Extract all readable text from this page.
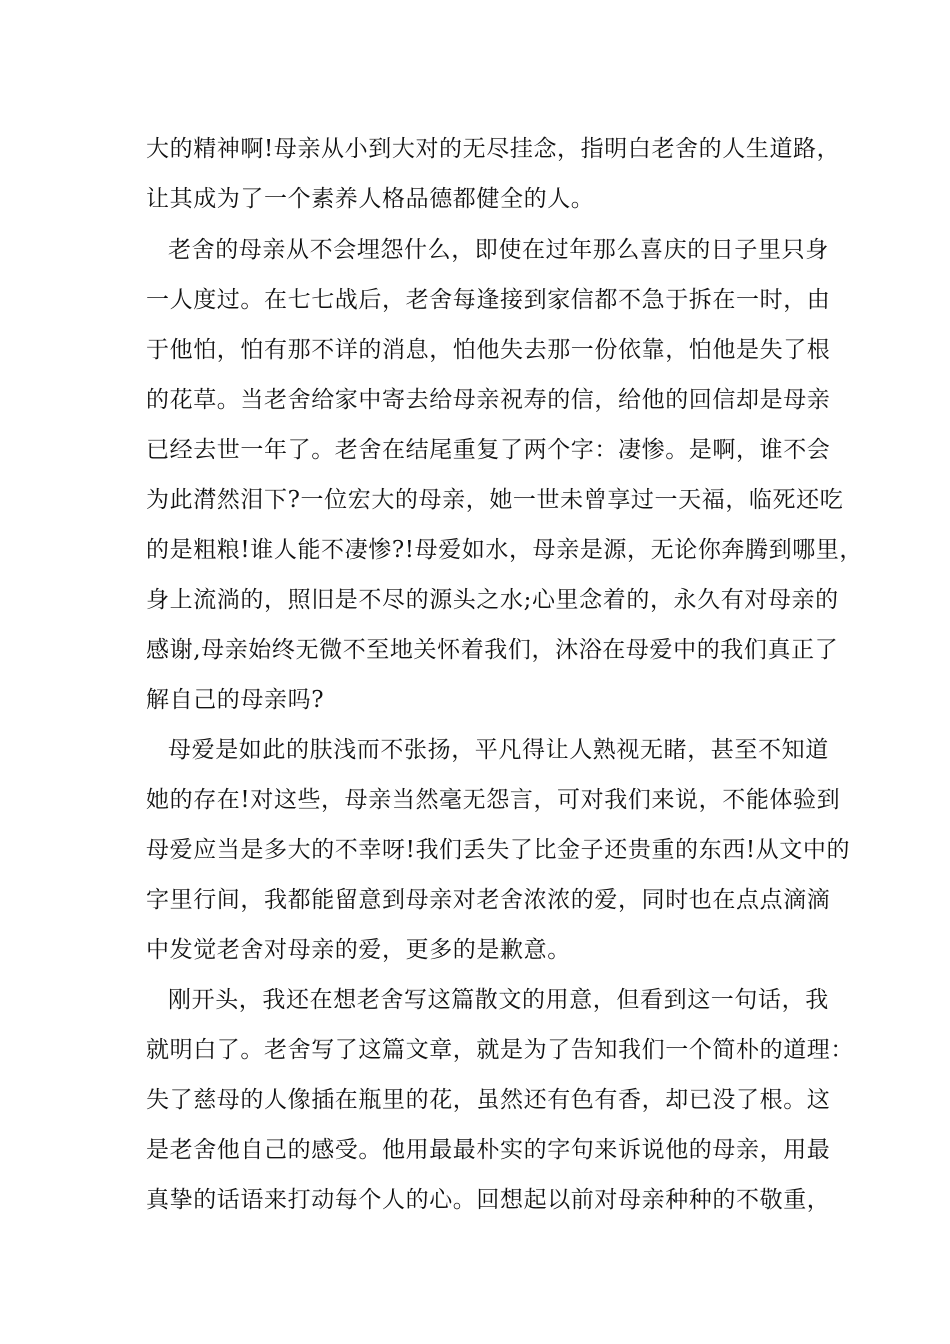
大的精神啊!母亲从小到大对的无尽挂念，指明白老舍的人生道路，
让其成为了一个素养人格品德都健全的人。
老舍的母亲从不会埋怨什么，即使在过年那么喜庆的日子里只身
一人度过。在七七战后，老舍每逢接到家信都不急于拆在一时，由
于他怕，怕有那不详的消息，怕他失去那一份依靠，怕他是失了根
的花草。当老舍给家中寄去给母亲祝寿的信，给他的回信却是母亲
已经去世一年了。老舍在结尾重复了两个字：凄惨。是啊，谁不会
为此潸然泪下?一位宏大的母亲，她一世未曾享过一天福，临死还吃
的是粗粮!谁人能不凄惨?!母爱如水，母亲是源，无论你奔腾到哪里，
身上流淌的，照旧是不尽的源头之水;心里念着的，永久有对母亲的
感谢,母亲始终无微不至地关怀着我们，沐浴在母爱中的我们真正了
解自己的母亲吗?
母爱是如此的肤浅而不张扬，平凡得让人熟视无睹，甚至不知道
她的存在!对这些，母亲当然毫无怨言，可对我们来说，不能体验到
母爱应当是多大的不幸呀!我们丢失了比金子还贵重的东西!从文中的
字里行间，我都能留意到母亲对老舍浓浓的爱，同时也在点点滴滴
中发觉老舍对母亲的爱，更多的是歉意。
刚开头，我还在想老舍写这篇散文的用意，但看到这一句话，我
就明白了。老舍写了这篇文章，就是为了告知我们一个简朴的道理：
失了慈母的人像插在瓶里的花，虽然还有色有香，却已没了根。这
是老舍他自己的感受。他用最最朴实的字句来诉说他的母亲，用最
真挚的话语来打动每个人的心。回想起以前对母亲种种的不敬重，
